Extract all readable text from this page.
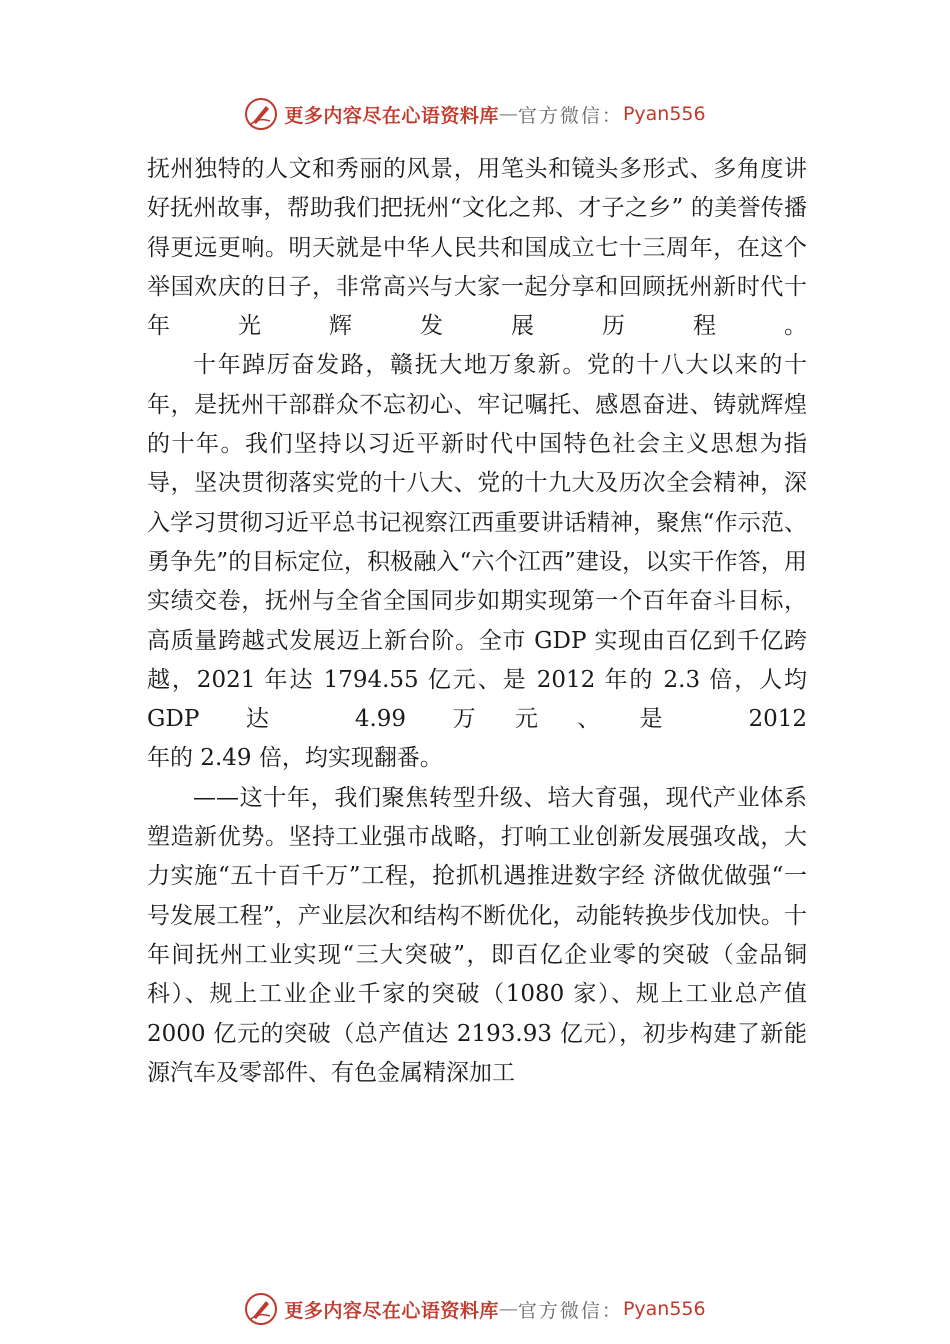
更多内容尽在心语资料库 — 官方微信： Pyan556

抚州独特的人文和秀丽的风景，用笔头和镜头多形式、多角度讲好抚州故事，帮助我们把抚州“文化之邦、才子之乡” 的美誉传播得更远更响。明天就是中华人民共和国成立七十三周年，在这个举国欢庆的日子，非常高兴与大家一起分享和回顾抚州新时代十年光辉发展历程。

十年踔厉奋发路，赣抚大地万象新。党的十八大以来的十年，是抚州干部群众不忘初心、牢记嘱托、感恩奋进、铸就辉煌的十年。我们坚持以习近平新时代中国特色社会主义思想为指导，坚决贯彻落实党的十八大、党的十九大及历次全会精神，深入学习贯彻习近平总书记视察江西重要讲话精神，聚焦“作示范、勇争先”的目标定位，积极融入“六个江西”建设，以实干作答，用实绩交卷，抚州与全省全国同步如期实现第一个百年奋斗目标，高质量跨越式发展迈上新台阶。全市 GDP 实现由百亿到千亿跨越，2021 年达 1794.55 亿元、是 2012 年的 2.3 倍，人均 GDP 达 4.99 万元、是 2012

年的 2.49 倍，均实现翻番。

——这十年，我们聚焦转型升级、培大育强，现代产业体系塑造新优势。坚持工业强市战略，打响工业创新发展强攻战，大力实施“五十百千万”工程，抢抓机遇推进数字经 济做优做强“一号发展工程”，产业层次和结构不断优化，动能转换步伐加快。十年间抚州工业实现“三大突破”，即百亿企业零的突破（金品铜科）、规上工业企业千家的突破（1080 家）、规上工业总产值 2000 亿元的突破（总产值达 2193.93 亿元），初步构建了新能源汽车及零部件、有色金属精深加工

更多内容尽在心语资料库 — 官方微信： Pyan556
